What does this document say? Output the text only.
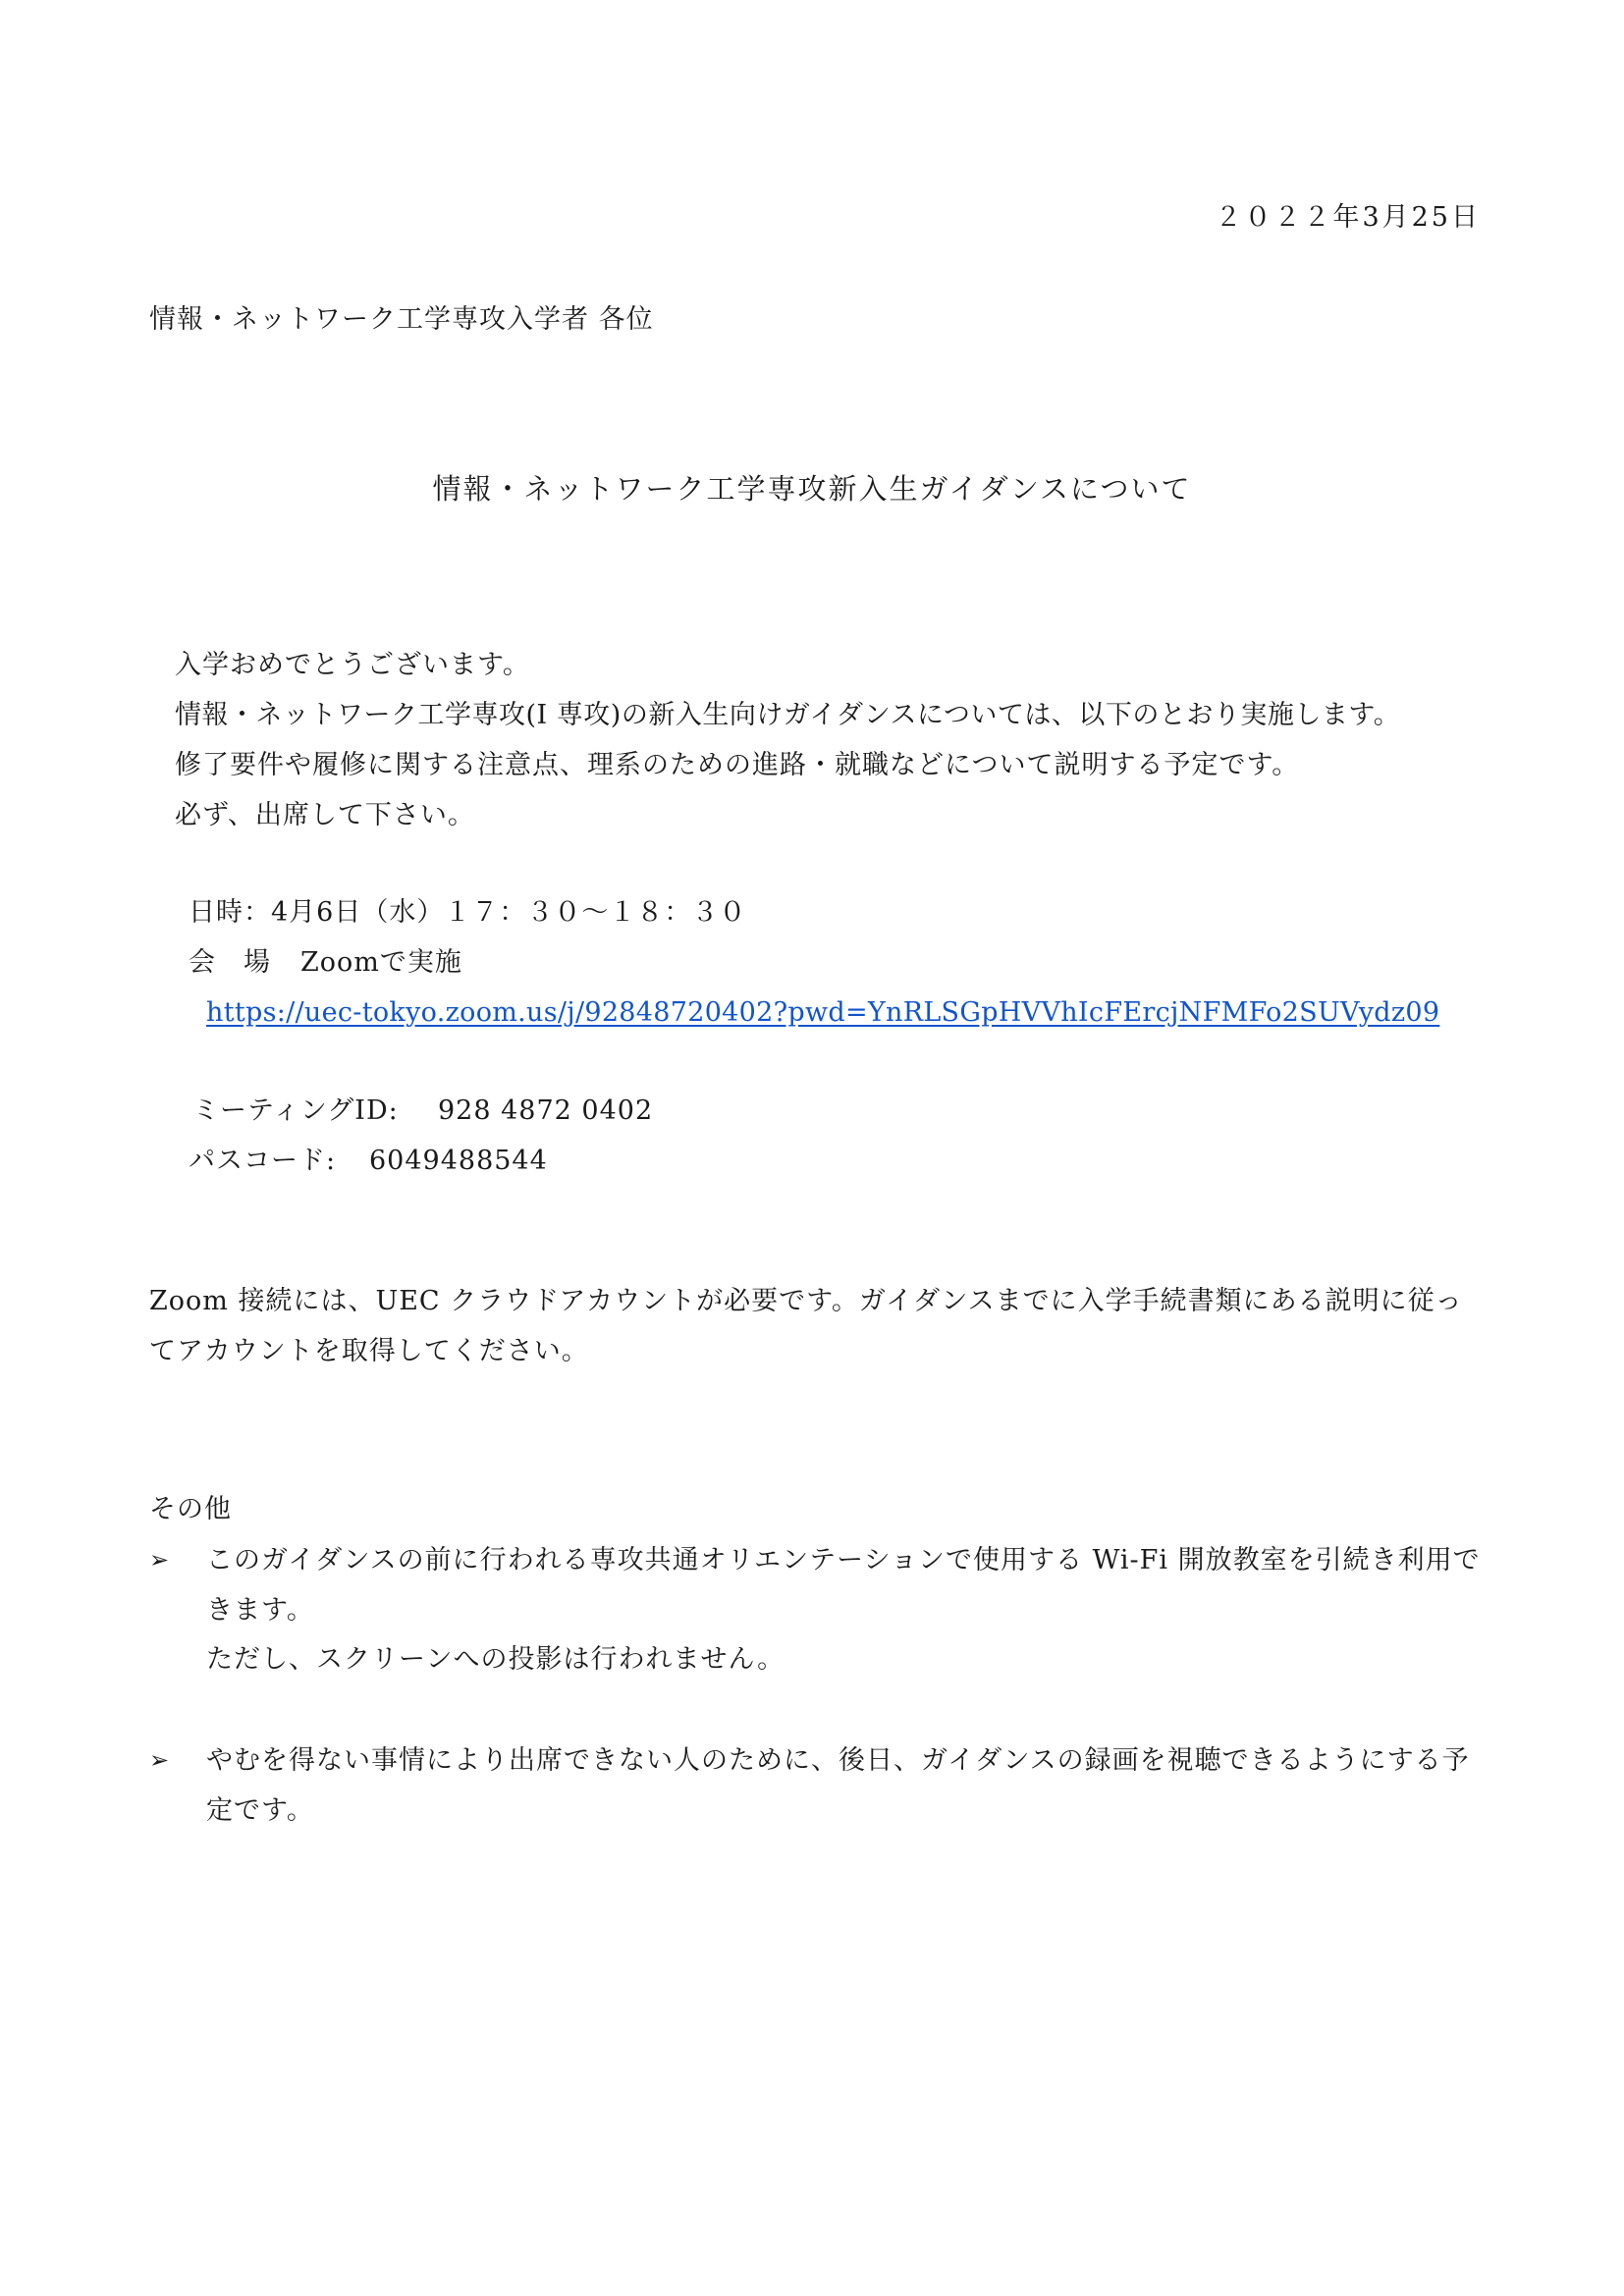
２０２２年3月25日
情報・ネットワーク工学専攻入学者 各位
情報・ネットワーク工学専攻新入生ガイダンスについて
入学おめでとうございます。
情報・ネットワーク工学専攻(I 専攻)の新入生向けガイダンスについては、以下のとおり実施します。
修了要件や履修に関する注意点、理系のための進路・就職などについて説明する予定です。
必ず、出席して下さい。
日時：4月6日（水）１７：３０〜１８：３０
会　場 Zoomで実施
https://uec-tokyo.zoom.us/j/92848720402?pwd=YnRLSGpHVVhIcFErcjNFMFo2SUVydz09
ミーティングID: 928 4872 0402
パスコード: 6049488544
Zoom 接続には、UEC クラウドアカウントが必要です。ガイダンスまでに入学手続書類にある説明に従ってアカウントを取得してください。
その他
➢ このガイダンスの前に行われる専攻共通オリエンテーションで使用する Wi-Fi 開放教室を引続き利用できます。
ただし、スクリーンへの投影は行われません。
➢ やむを得ない事情により出席できない人のために、後日、ガイダンスの録画を視聴できるようにする予定です。
